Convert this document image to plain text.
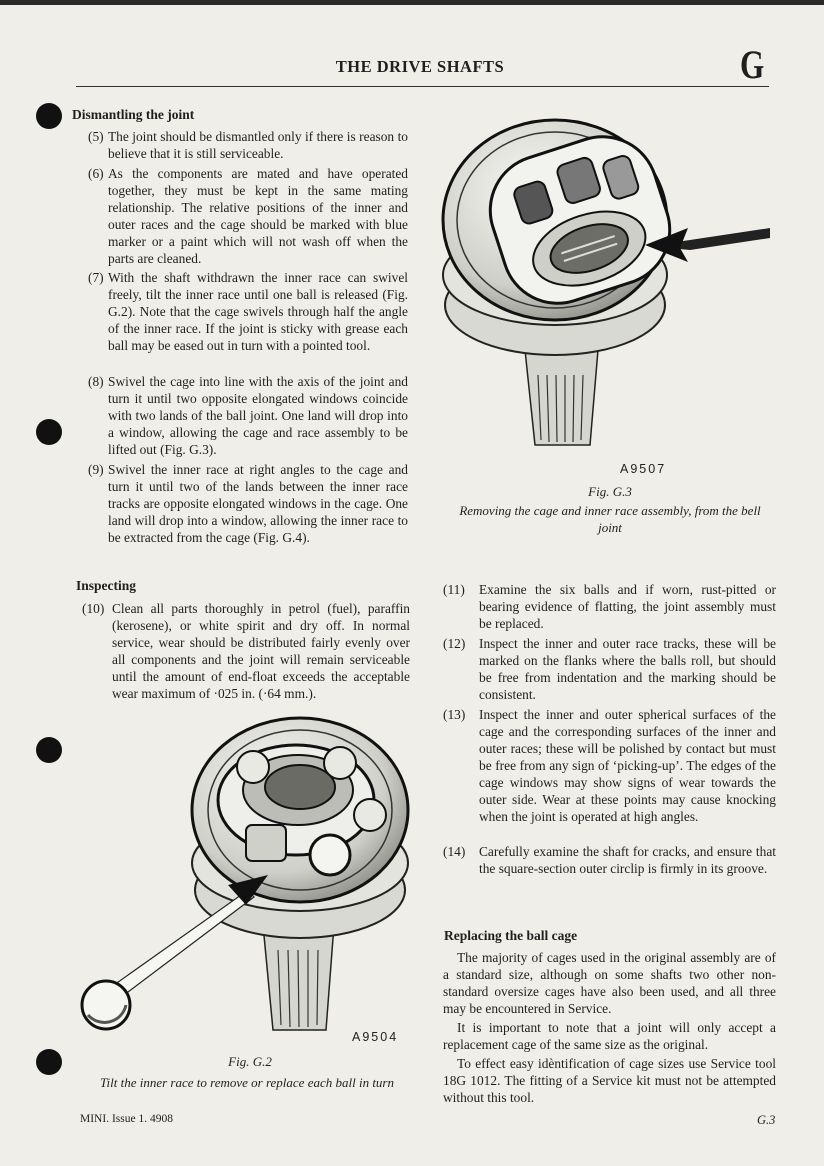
THE DRIVE SHAFTS	G
Dismantling the joint
(5) The joint should be dismantled only if there is reason to believe that it is still serviceable.
(6) As the components are mated and have operated together, they must be kept in the same mating relationship. The relative positions of the inner and outer races and the cage should be marked with blue marker or a paint which will not wash off when the parts are cleaned.
(7) With the shaft withdrawn the inner race can swivel freely, tilt the inner race until one ball is released (Fig. G.2). Note that the cage swivels through half the angle of the inner race. If the joint is sticky with grease each ball may be eased out in turn with a pointed tool.
(8) Swivel the cage into line with the axis of the joint and turn it until two opposite elongated windows coincide with two lands of the ball joint. One land will drop into a window, allowing the cage and race assembly to be lifted out (Fig. G.3).
(9) Swivel the inner race at right angles to the cage and turn it until two of the lands between the inner race tracks are opposite elongated windows in the cage. One land will drop into a window, allowing the inner race to be extracted from the cage (Fig. G.4).
Inspecting
(10) Clean all parts thoroughly in petrol (fuel), paraffin (kerosene), or white spirit and dry off. In normal service, wear should be distributed fairly evenly over all components and the joint will remain serviceable until the amount of end-float exceeds the acceptable wear maximum of ·025 in. (·64 mm.).
(11)	Examine the six balls and if worn, rust-pitted or bearing evidence of flatting, the joint assembly must be replaced.
(12)	Inspect the inner and outer race tracks, these will be marked on the flanks where the balls roll, but should be free from indentation and the marking should be consistent.
(13)	Inspect the inner and outer spherical surfaces of the cage and the corresponding surfaces of the inner and outer races; these will be polished by contact but must be free from any sign of ‘picking-up’. The edges of the cage windows may show signs of wear towards the outer side. Wear at these points may cause knocking when the joint is operated at high angles.
(14)	Carefully examine the shaft for cracks, and ensure that the square-section outer circlip is firmly in its groove.
Replacing the ball cage
The majority of cages used in the original assembly are of a standard size, although on some shafts two other non-standard oversize cages have also been used, and all three may be encountered in Service.
It is important to note that a joint will only accept a replacement cage of the same size as the original.
To effect easy idèntification of cage sizes use Service tool 18G 1012. The fitting of a Service kit must not be attempted without this tool.
A9507
Fig. G.3
Removing the cage and inner race assembly, from the bell joint
A9504
Fig. G.2
Tilt the inner race to remove or replace each ball in turn
MINI. Issue 1. 4908	G.3
